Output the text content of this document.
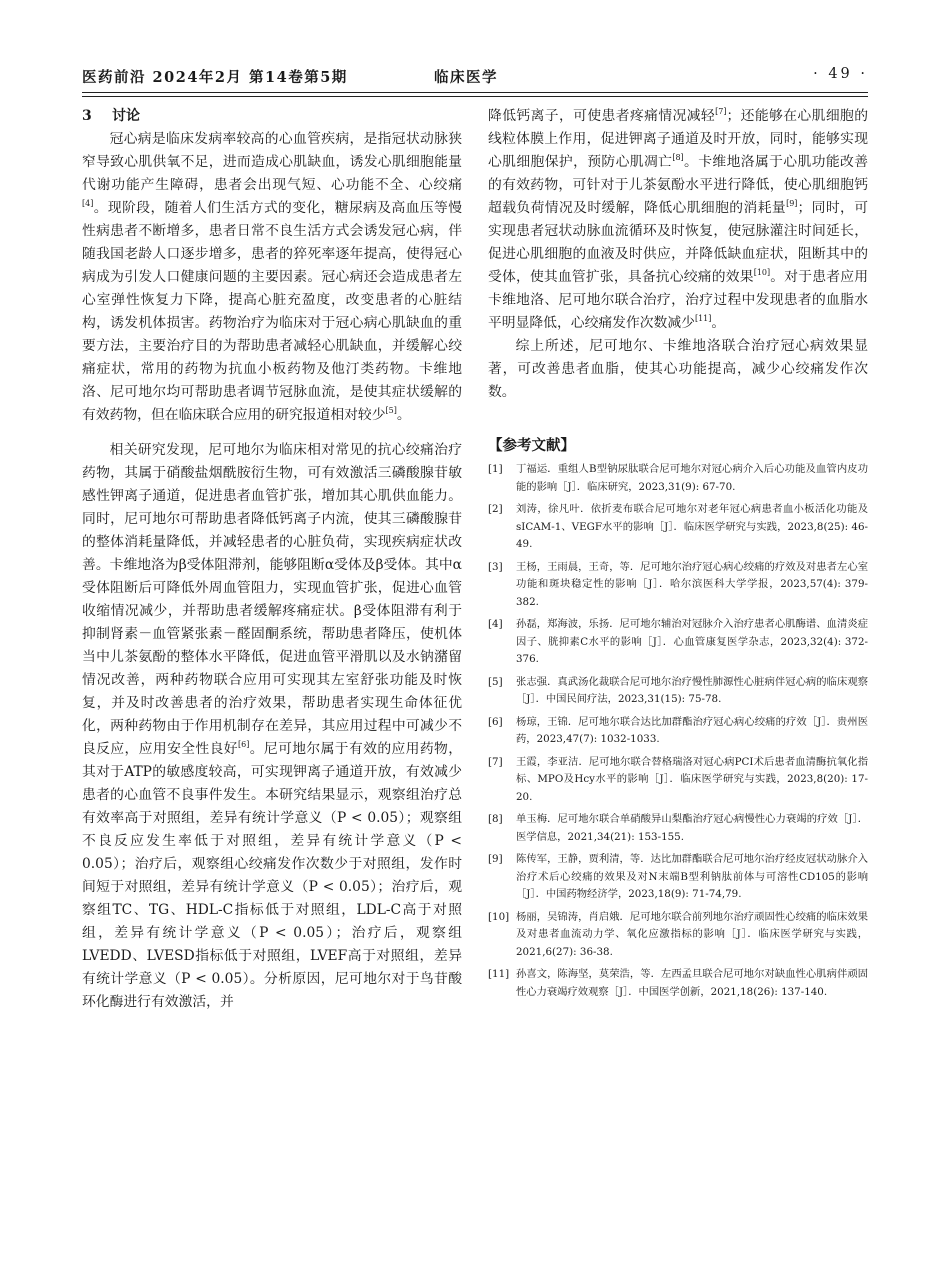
医药前沿 2024年2月 第14卷第5期	临床医学	· 49 ·
3 讨论

冠心病是临床发病率较高的心血管疾病，是指冠状动脉狭窄导致心肌供氧不足，进而造成心肌缺血，诱发心肌细胞能量代谢功能产生障碍，患者会出现气短、心功能不全、心绞痛[4]。现阶段，随着人们生活方式的变化，糖尿病及高血压等慢性病患者不断增多，患者日常不良生活方式会诱发冠心病，伴随我国老龄人口逐步增多，患者的猝死率逐年提高，使得冠心病成为引发人口健康问题的主要因素。冠心病还会造成患者左心室弹性恢复力下降，提高心脏充盈度，改变患者的心脏结构，诱发机体损害。药物治疗为临床对于冠心病心肌缺血的重要方法，主要治疗目的为帮助患者减轻心肌缺血，并缓解心绞痛症状，常用的药物为抗血小板药物及他汀类药物。卡维地洛、尼可地尔均可帮助患者调节冠脉血流，是使其症状缓解的有效药物，但在临床联合应用的研究报道相对较少[5]。

相关研究发现，尼可地尔为临床相对常见的抗心绞痛治疗药物，其属于硝酸盐烟酰胺衍生物，可有效激活三磷酸腺苷敏感性钾离子通道，促进患者血管扩张，增加其心肌供血能力。同时，尼可地尔可帮助患者降低钙离子内流，使其三磷酸腺苷的整体消耗量降低，并减轻患者的心脏负荷，实现疾病症状改善。卡维地洛为β受体阻滞剂，能够阻断α受体及β受体。其中α受体阻断后可降低外周血管阻力，实现血管扩张，促进心血管收缩情况减少，并帮助患者缓解疼痛症状。β受体阻滞有利于抑制肾素－血管紧张素－醛固酮系统，帮助患者降压，使机体当中儿茶氨酚的整体水平降低，促进血管平滑肌以及水钠潴留情况改善，两种药物联合应用可实现其左室舒张功能及时恢复，并及时改善患者的治疗效果，帮助患者实现生命体征优化，两种药物由于作用机制存在差异，其应用过程中可减少不良反应，应用安全性良好[6]。尼可地尔属于有效的应用药物，其对于ATP的敏感度较高，可实现钾离子通道开放，有效减少患者的心血管不良事件发生。本研究结果显示，观察组治疗总有效率高于对照组，差异有统计学意义（P < 0.05）；观察组不良反应发生率低于对照组，差异有统计学意义（P < 0.05）；治疗后，观察组心绞痛发作次数少于对照组，发作时间短于对照组，差异有统计学意义（P < 0.05）；治疗后，观察组TC、TG、HDL-C指标低于对照组，LDL-C高于对照组，差异有统计学意义（P < 0.05）；治疗后，观察组LVEDD、LVESD指标低于对照组，LVEF高于对照组，差异有统计学意义（P < 0.05）。分析原因，尼可地尔对于鸟苷酸环化酶进行有效激活，并

降低钙离子，可使患者疼痛情况减轻[7]；还能够在心肌细胞的线粒体膜上作用，促进钾离子通道及时开放，同时，能够实现心肌细胞保护，预防心肌凋亡[8]。卡维地洛属于心肌功能改善的有效药物，可针对于儿茶氨酚水平进行降低，使心肌细胞钙超载负荷情况及时缓解，降低心肌细胞的消耗量[9]；同时，可实现患者冠状动脉血流循环及时恢复，使冠脉灌注时间延长，促进心肌细胞的血液及时供应，并降低缺血症状，阻断其中的受体，使其血管扩张，具备抗心绞痛的效果[10]。对于患者应用卡维地洛、尼可地尔联合治疗，治疗过程中发现患者的血脂水平明显降低，心绞痛发作次数减少[11]。

综上所述，尼可地尔、卡维地洛联合治疗冠心病效果显著，可改善患者血脂，使其心功能提高，减少心绞痛发作次数。

【参考文献】
[1] 丁福运．重组人B型钠尿肽联合尼可地尔对冠心病介入后心功能及血管内皮功能的影响［J］．临床研究，2023,31(9): 67-70.
[2] 刘涛，徐凡叶．依折麦布联合尼可地尔对老年冠心病患者血小板活化功能及sICAM-1、VEGF水平的影响［J］．临床医学研究与实践，2023,8(25): 46-49.
[3] 王杨，王雨晨，王奇，等．尼可地尔治疗冠心病心绞痛的疗效及对患者左心室功能和斑块稳定性的影响［J］．哈尔滨医科大学学报，2023,57(4): 379-382.
[4] 孙磊，郑海波，乐扬．尼可地尔辅治对冠脉介入治疗患者心肌酶谱、血清炎症因子、胱抑素C水平的影响［J］．心血管康复医学杂志，2023,32(4): 372-376.
[5] 张志强．真武汤化裁联合尼可地尔治疗慢性肺源性心脏病伴冠心病的临床观察［J］．中国民间疗法，2023,31(15): 75-78.
[6] 杨琼，王锦．尼可地尔联合达比加群酯治疗冠心病心绞痛的疗效［J］．贵州医药，2023,47(7): 1032-1033.
[7] 王霞，李亚洁．尼可地尔联合替格瑞洛对冠心病PCI术后患者血清酶抗氧化指标、MPO及Hcy水平的影响［J］．临床医学研究与实践，2023,8(20): 17-20.
[8] 单玉梅．尼可地尔联合单硝酸异山梨酯治疗冠心病慢性心力衰竭的疗效［J］．医学信息，2021,34(21): 153-155.
[9] 陈传军，王静，贾利清，等．达比加群酯联合尼可地尔治疗经皮冠状动脉介入治疗术后心绞痛的效果及对N末端B型利钠肽前体与可溶性CD105的影响［J］．中国药物经济学，2023,18(9): 71-74,79.
[10] 杨丽，吴锦涛，肖启娥．尼可地尔联合前列地尔治疗顽固性心绞痛的临床效果及对患者血流动力学、氧化应激指标的影响［J］．临床医学研究与实践，2021,6(27): 36-38.
[11] 孙喜文，陈海坚，莫荣浩，等．左西孟旦联合尼可地尔对缺血性心肌病伴顽固性心力衰竭疗效观察［J］．中国医学创新，2021,18(26): 137-140.
